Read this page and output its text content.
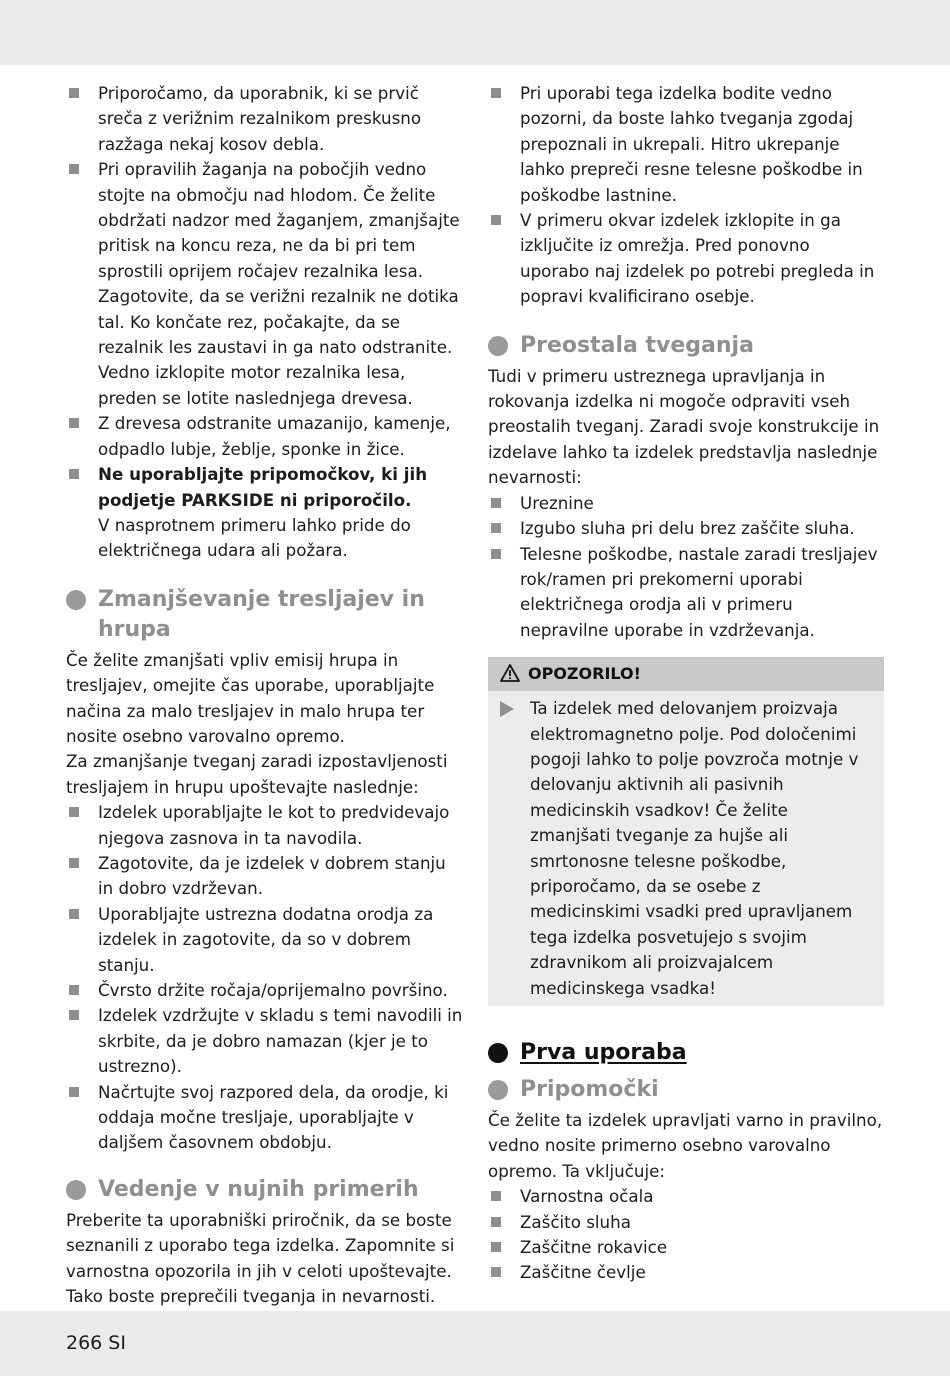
Priporočamo, da uporabnik, ki se prvič sreča z verižnim rezalnikom preskusno razžaga nekaj kosov debla.
Pri opravilih žaganja na pobočjih vedno stojte na območju nad hlodom. Če želite obdržati nadzor med žaganjem, zmanjšajte pritisk na koncu reza, ne da bi pri tem sprostili oprijem ročajev rezalnika lesa. Zagotovite, da se verižni rezalnik ne dotika tal. Ko končate rez, počakajte, da se rezalnik les zaustavi in ga nato odstranite. Vedno izklopite motor rezalnika lesa, preden se lotite naslednjega drevesa.
Z drevesa odstranite umazanijo, kamenje, odpadlo lubje, žeblje, sponke in žice.
Ne uporabljajte pripomočkov, ki jih podjetje PARKSIDE ni priporočilo.
V nasprotnem primeru lahko pride do električnega udara ali požara.
Zmanjševanje tresljajev in hrupa

Če želite zmanjšati vpliv emisij hrupa in tresljajev, omejite čas uporabe, uporabljajte načina za malo tresljajev in malo hrupa ter nosite osebno varovalno opremo.

Za zmanjšanje tveganj zaradi izpostavljenosti tresljajem in hrupu upoštevajte naslednje:

Izdelek uporabljajte le kot to predvidevajo njegova zasnova in ta navodila.
Zagotovite, da je izdelek v dobrem stanju in dobro vzdrževan.
Uporabljajte ustrezna dodatna orodja za izdelek in zagotovite, da so v dobrem stanju.
Čvrsto držite ročaja/oprijemalno površino.
Izdelek vzdržujte v skladu s temi navodili in skrbite, da je dobro namazan (kjer je to ustrezno).
Načrtujte svoj razpored dela, da orodje, ki oddaja močne tresljaje, uporabljajte v daljšem časovnem obdobju.
Vedenje v nujnih primerih

Preberite ta uporabniški priročnik, da se boste seznanili z uporabo tega izdelka. Zapomnite si varnostna opozorila in jih v celoti upoštevajte. Tako boste preprečili tveganja in nevarnosti.

Pri uporabi tega izdelka bodite vedno pozorni, da boste lahko tveganja zgodaj prepoznali in ukrepali. Hitro ukrepanje lahko prepreči resne telesne poškodbe in poškodbe lastnine.
V primeru okvar izdelek izklopite in ga izključite iz omrežja. Pred ponovno uporabo naj izdelek po potrebi pregleda in popravi kvalificirano osebje.
Preostala tveganja

Tudi v primeru ustreznega upravljanja in rokovanja izdelka ni mogoče odpraviti vseh preostalih tveganj. Zaradi svoje konstrukcije in izdelave lahko ta izdelek predstavlja naslednje nevarnosti:

Ureznine
Izgubo sluha pri delu brez zaščite sluha.
Telesne poškodbe, nastale zaradi tresljajev rok/ramen pri prekomerni uporabi električnega orodja ali v primeru nepravilne uporabe in vzdrževanja.
OPOZORILO!
Ta izdelek med delovanjem proizvaja elektromagnetno polje. Pod določenimi pogoji lahko to polje povzroča motnje v delovanju aktivnih ali pasivnih medicinskih vsadkov! Če želite zmanjšati tveganje za hujše ali smrtonosne telesne poškodbe, priporočamo, da se osebe z medicinskimi vsadki pred upravljanem tega izdelka posvetujejo s svojim zdravnikom ali proizvajalcem medicinskega vsadka!
Prva uporaba
Pripomočki

Če želite ta izdelek upravljati varno in pravilno, vedno nosite primerno osebno varovalno opremo. Ta vključuje:

Varnostna očala
Zaščito sluha
Zaščitne rokavice
Zaščitne čevlje
266 SI
